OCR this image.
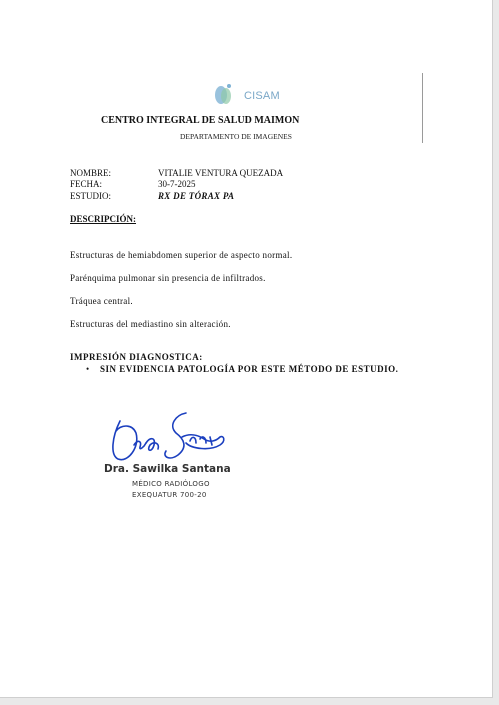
CISAM
CENTRO INTEGRAL DE SALUD MAIMON
DEPARTAMENTO DE IMAGENES
NOMBRE:	VITALIE VENTURA QUEZADA
FECHA:	30-7-2025
ESTUDIO:	RX DE TÓRAX PA
DESCRIPCIÓN:
Estructuras de hemiabdomen superior de aspecto normal.
Parénquima pulmonar sin presencia de infiltrados.
Tráquea central.
Estructuras del mediastino sin alteración.
IMPRESIÓN DIAGNOSTICA:
• SIN EVIDENCIA PATOLOGÍA POR ESTE MÉTODO DE ESTUDIO.
Dra. Sawilka Santana
MÉDICO RADIÓLOGO
EXEQUATUR 700-20
